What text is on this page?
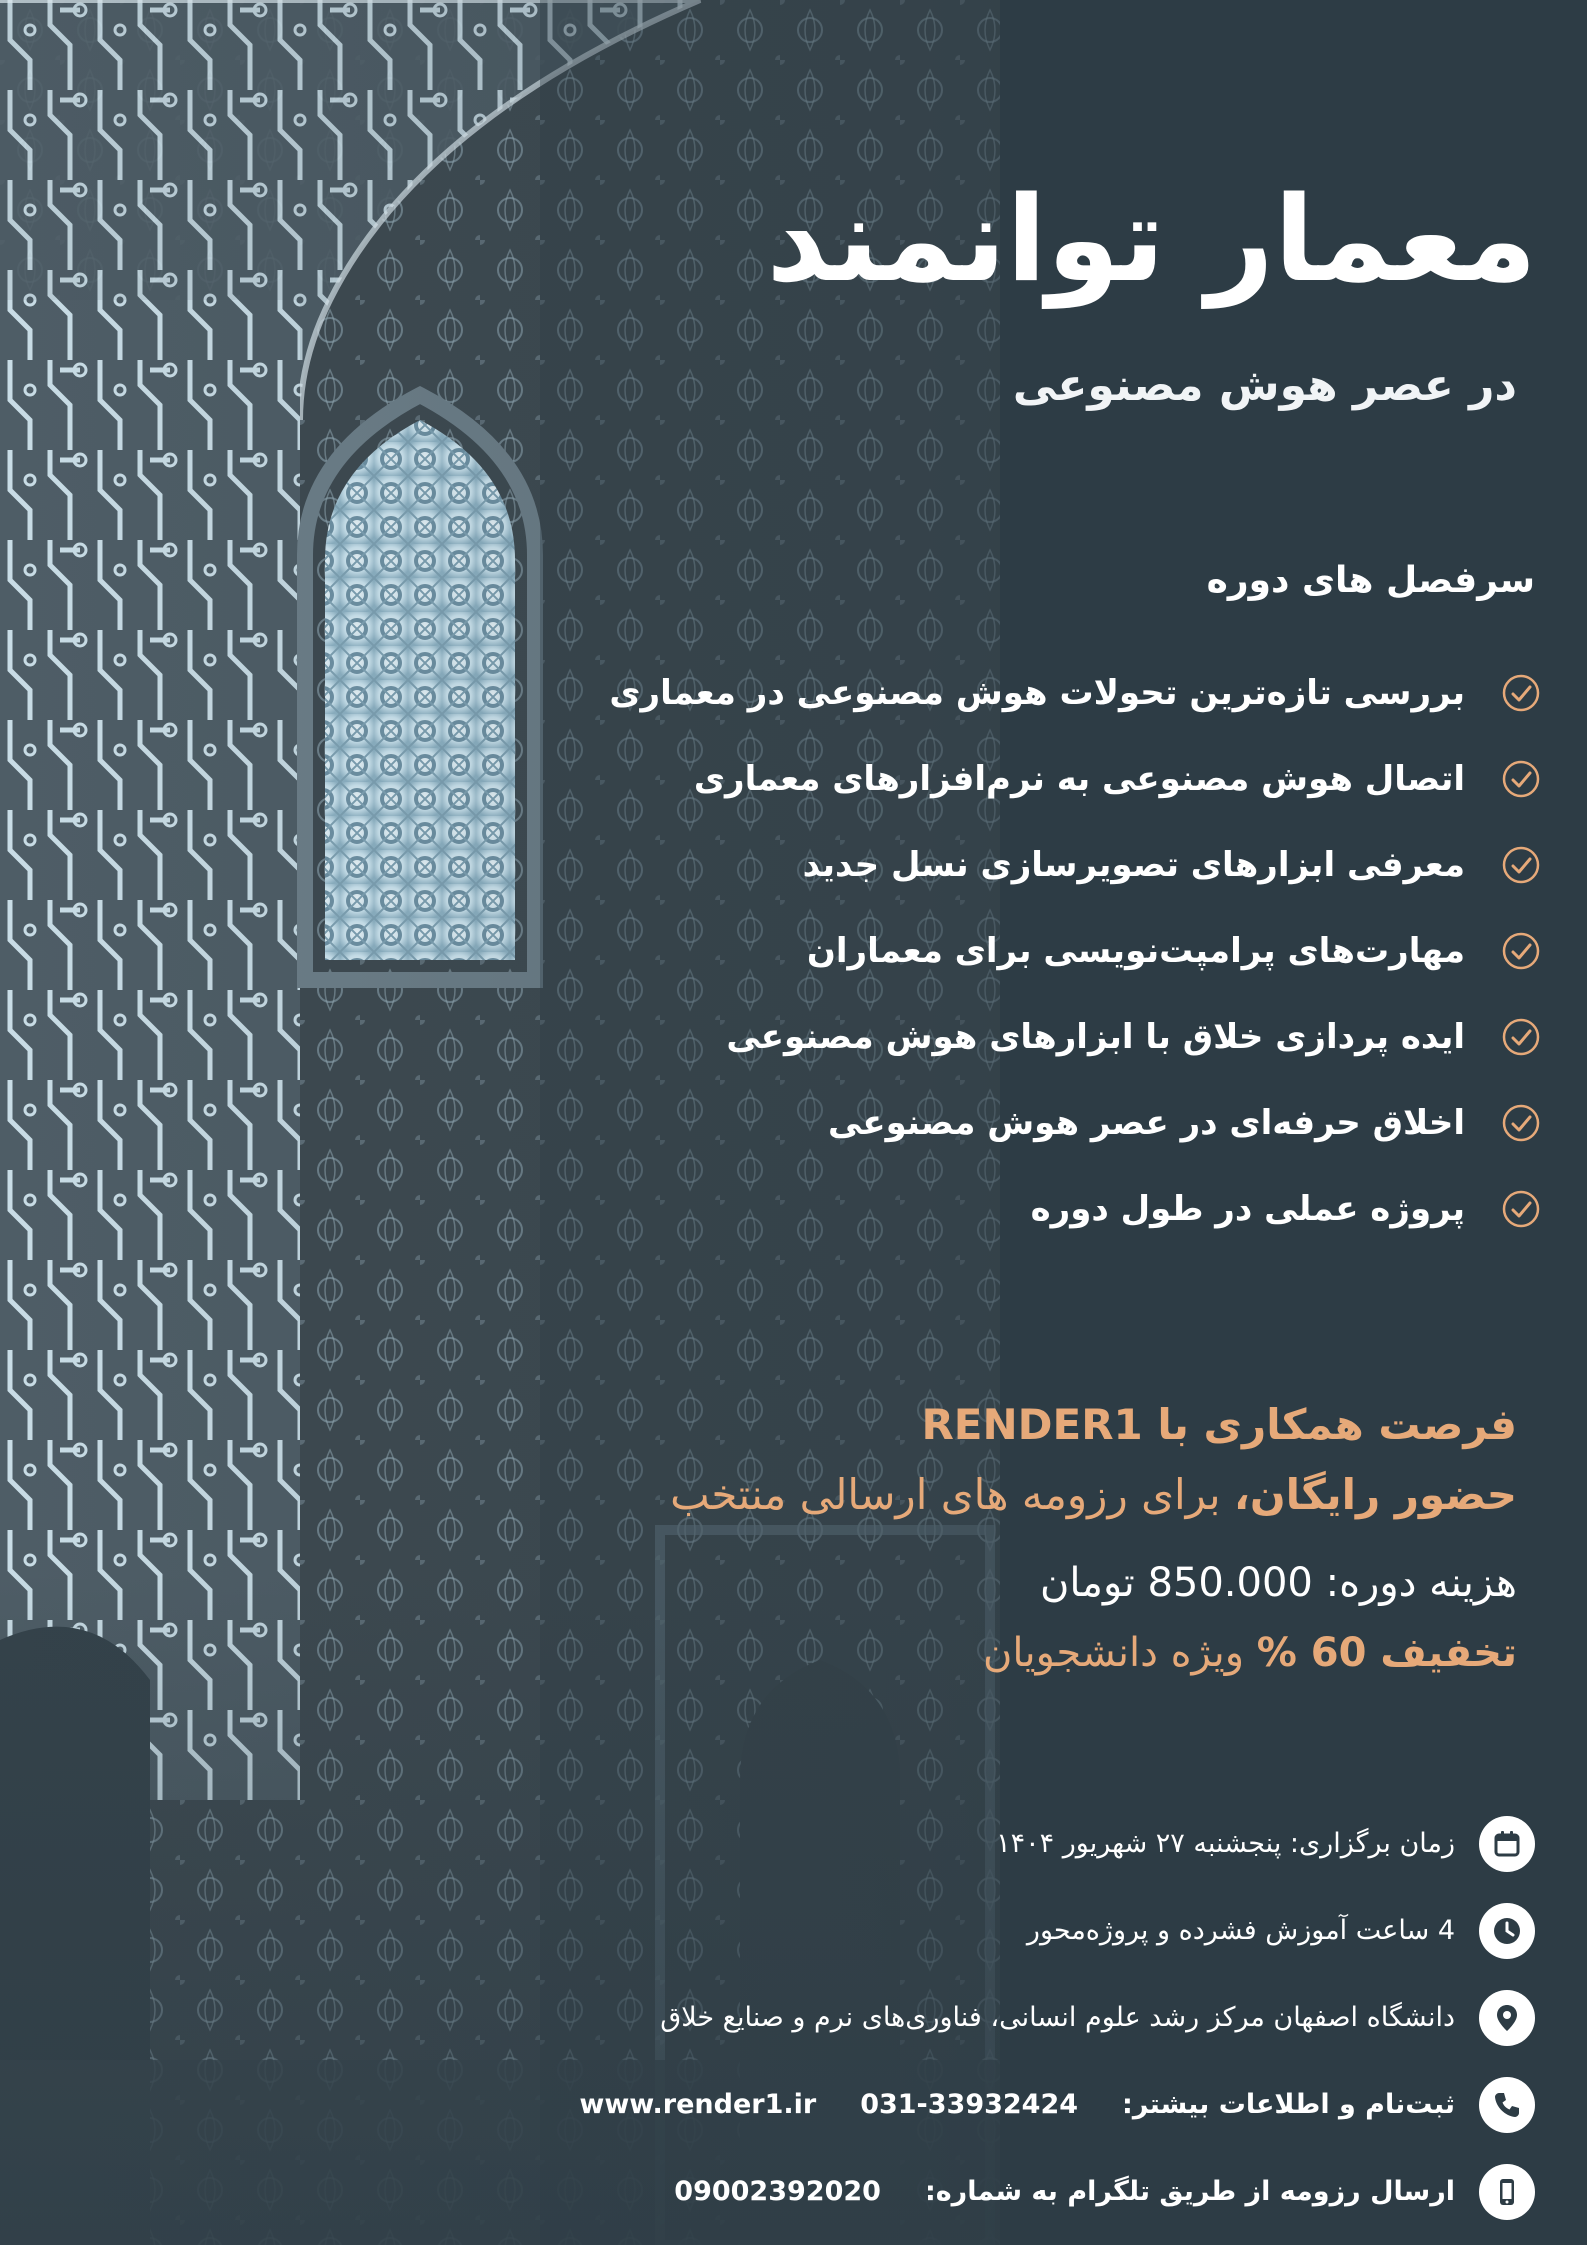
معمار توانمند
در عصر هوش مصنوعی
سرفصل های دوره
بررسی تازه‌ترین تحولات هوش مصنوعی در معماری
اتصال هوش مصنوعی به نرم‌افزارهای معماری
معرفی ابزارهای تصویرسازی نسل جدید
مهارت‌های پرامپت‌نویسی برای معماران
ایده پردازی خلاق با ابزارهای هوش مصنوعی
اخلاق حرفه‌ای در عصر هوش مصنوعی
پروژه عملی در طول دوره
فرصت همکاری با RENDER1
حضور رایگان، برای رزومه های ارسالی منتخب
هزینه دوره: 850.000 تومان
تخفیف 60 % ویژه دانشجویان
زمان برگزاری: پنجشنبه ۲۷ شهریور ۱۴۰۴
4 ساعت آموزش فشرده و پروژه‌محور
دانشگاه اصفهان مرکز رشد علوم انسانی، فناوری‌های نرم و صنایع خلاق
ثبت‌نام و اطلاعات بیشتر:031-33932424www.render1.ir
ارسال رزومه از طریق تلگرام به شماره:09002392020
